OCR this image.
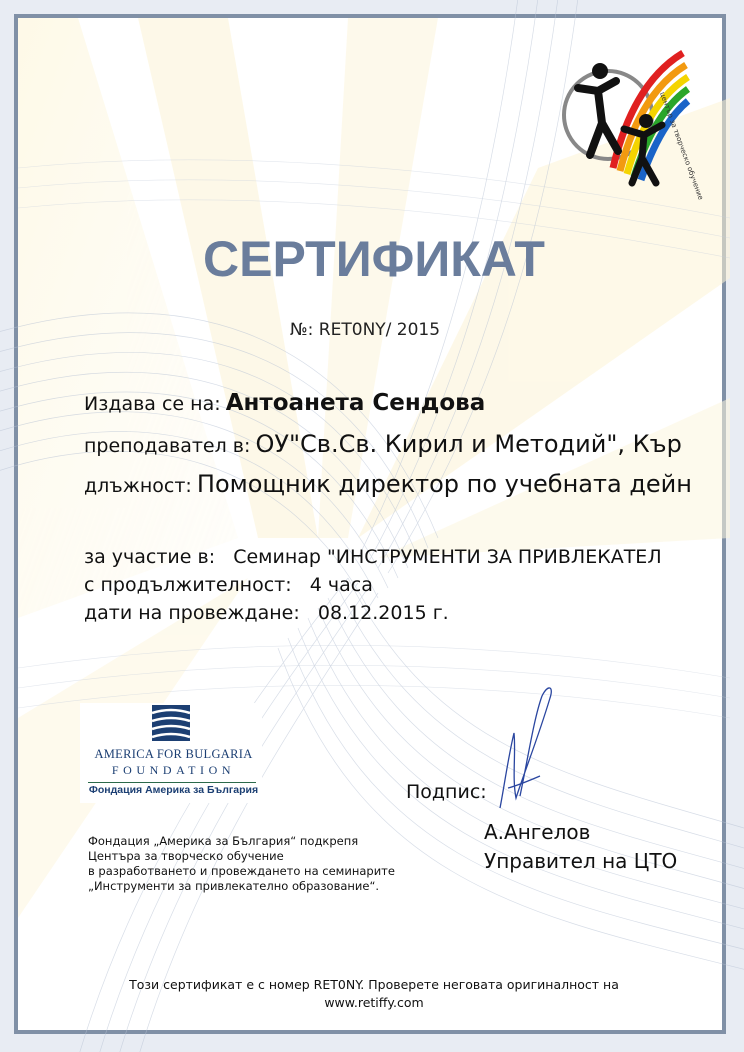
център за творческо обучение
СЕРТИФИКАТ
№: RET0NY/ 2015
Издава се на: Антоанета Сендова
преподавател в: ОУ"Св.Св. Кирил и Методий", Кър
длъжност: Помощник директор по учебната дейн
за участие в: Семинар "ИНСТРУМЕНТИ ЗА ПРИВЛЕКАТЕЛ
с продължителност: 4 часа
дати на провеждане: 08.12.2015 г.
AMERICA FOR BULGARIA
FOUNDATION
Фондация Америка за България
Фондация „Америка за България“ подкрепя
Центъра за творческо обучение
в разработването и провеждането на семинарите
„Инструменти за привлекателно образование“.
Подпис:
А.Ангелов
Управител на ЦТО
Този сертификат е с номер RET0NY. Проверете неговата оригиналност на
www.retiffy.com
